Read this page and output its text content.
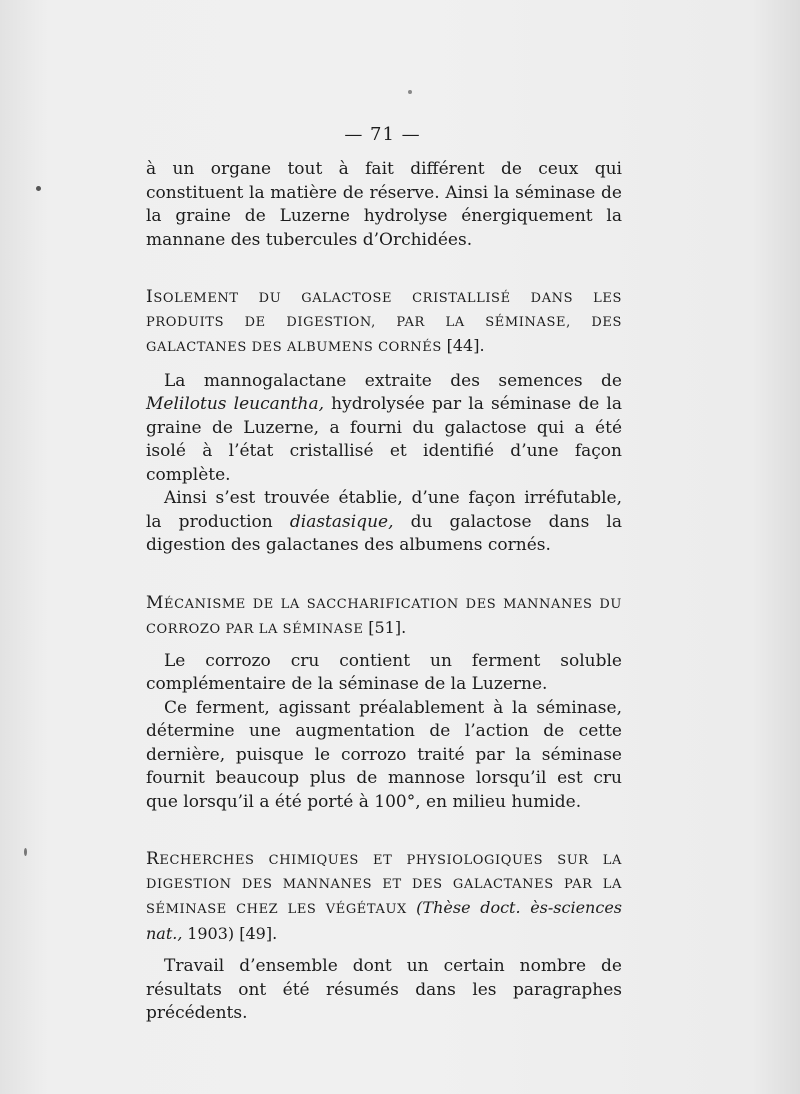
— 71 —

à un organe tout à fait différent de ceux qui constituent la matière de réserve. Ainsi la séminase de la graine de Luzerne hydrolyse énergiquement la mannane des tubercules d’Orchidées.

ISOLEMENT DU GALACTOSE CRISTALLISÉ DANS LES PRODUITS DE DIGESTION, PAR LA SÉMINASE, DES GALACTANES DES ALBUMENS CORNÉS [44].

La mannogalactane extraite des semences de Melilotus leucantha, hydrolysée par la séminase de la graine de Luzerne, a fourni du galactose qui a été isolé à l’état cristallisé et identifié d’une façon complète.

Ainsi s’est trouvée établie, d’une façon irréfutable, la production diastasique, du galactose dans la digestion des galactanes des albumens cornés.

MÉCANISME DE LA SACCHARIFICATION DES MANNANES DU CORROZO PAR LA SÉMINASE [51].

Le corrozo cru contient un ferment soluble complémentaire de la séminase de la Luzerne.

Ce ferment, agissant préalablement à la séminase, détermine une augmentation de l’action de cette dernière, puisque le corrozo traité par la séminase fournit beaucoup plus de mannose lorsqu’il est cru que lorsqu’il a été porté à 100°, en milieu humide.

RECHERCHES CHIMIQUES ET PHYSIOLOGIQUES SUR LA DIGESTION DES MANNANES ET DES GALACTANES PAR LA SÉMINASE CHEZ LES VÉGÉTAUX (Thèse doct. ès-sciences nat., 1903) [49].

Travail d’ensemble dont un certain nombre de résultats ont été résumés dans les paragraphes précédents.
